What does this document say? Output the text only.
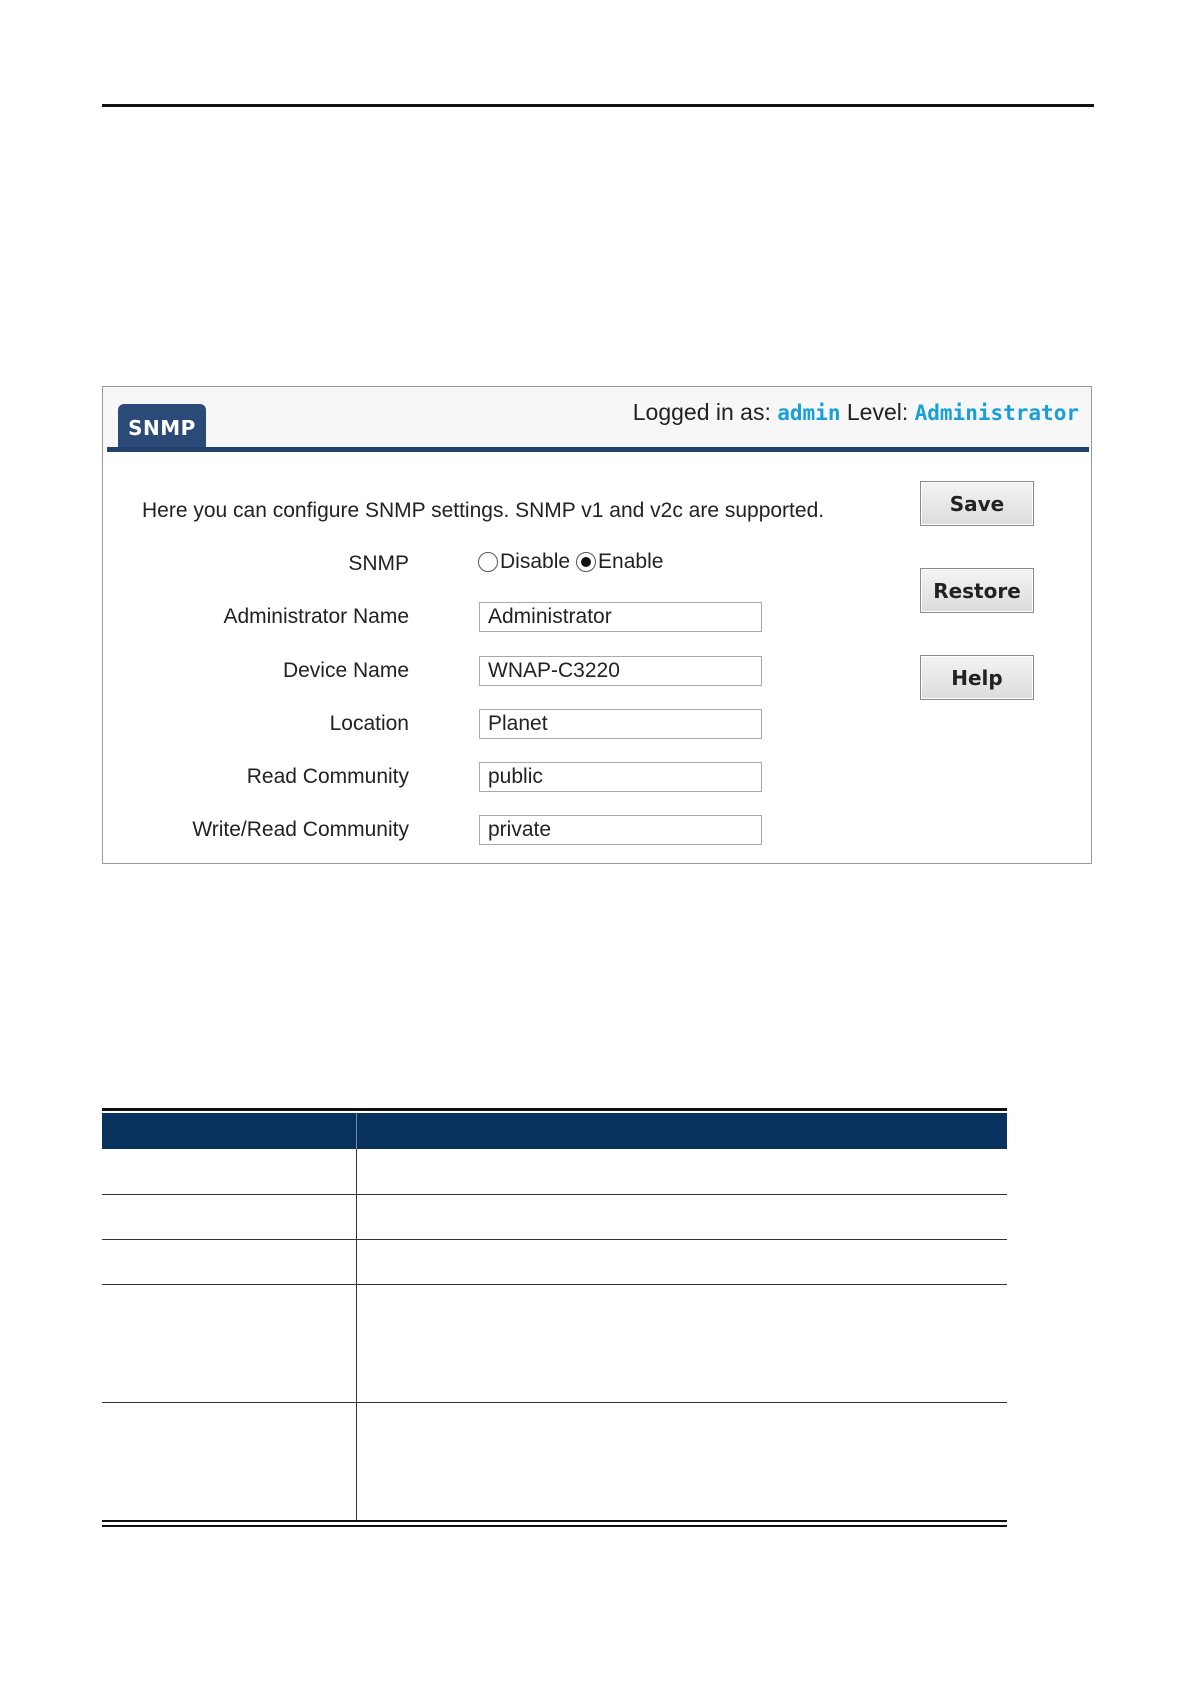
SNMP
Logged in as: admin Level: Administrator
Here you can configure SNMP settings. SNMP v1 and v2c are supported.
SNMP	Disable Enable
Administrator Name	Administrator
Device Name	WNAP-C3220
Location	Planet
Read Community	public
Write/Read Community	private
Save
Restore
Help
